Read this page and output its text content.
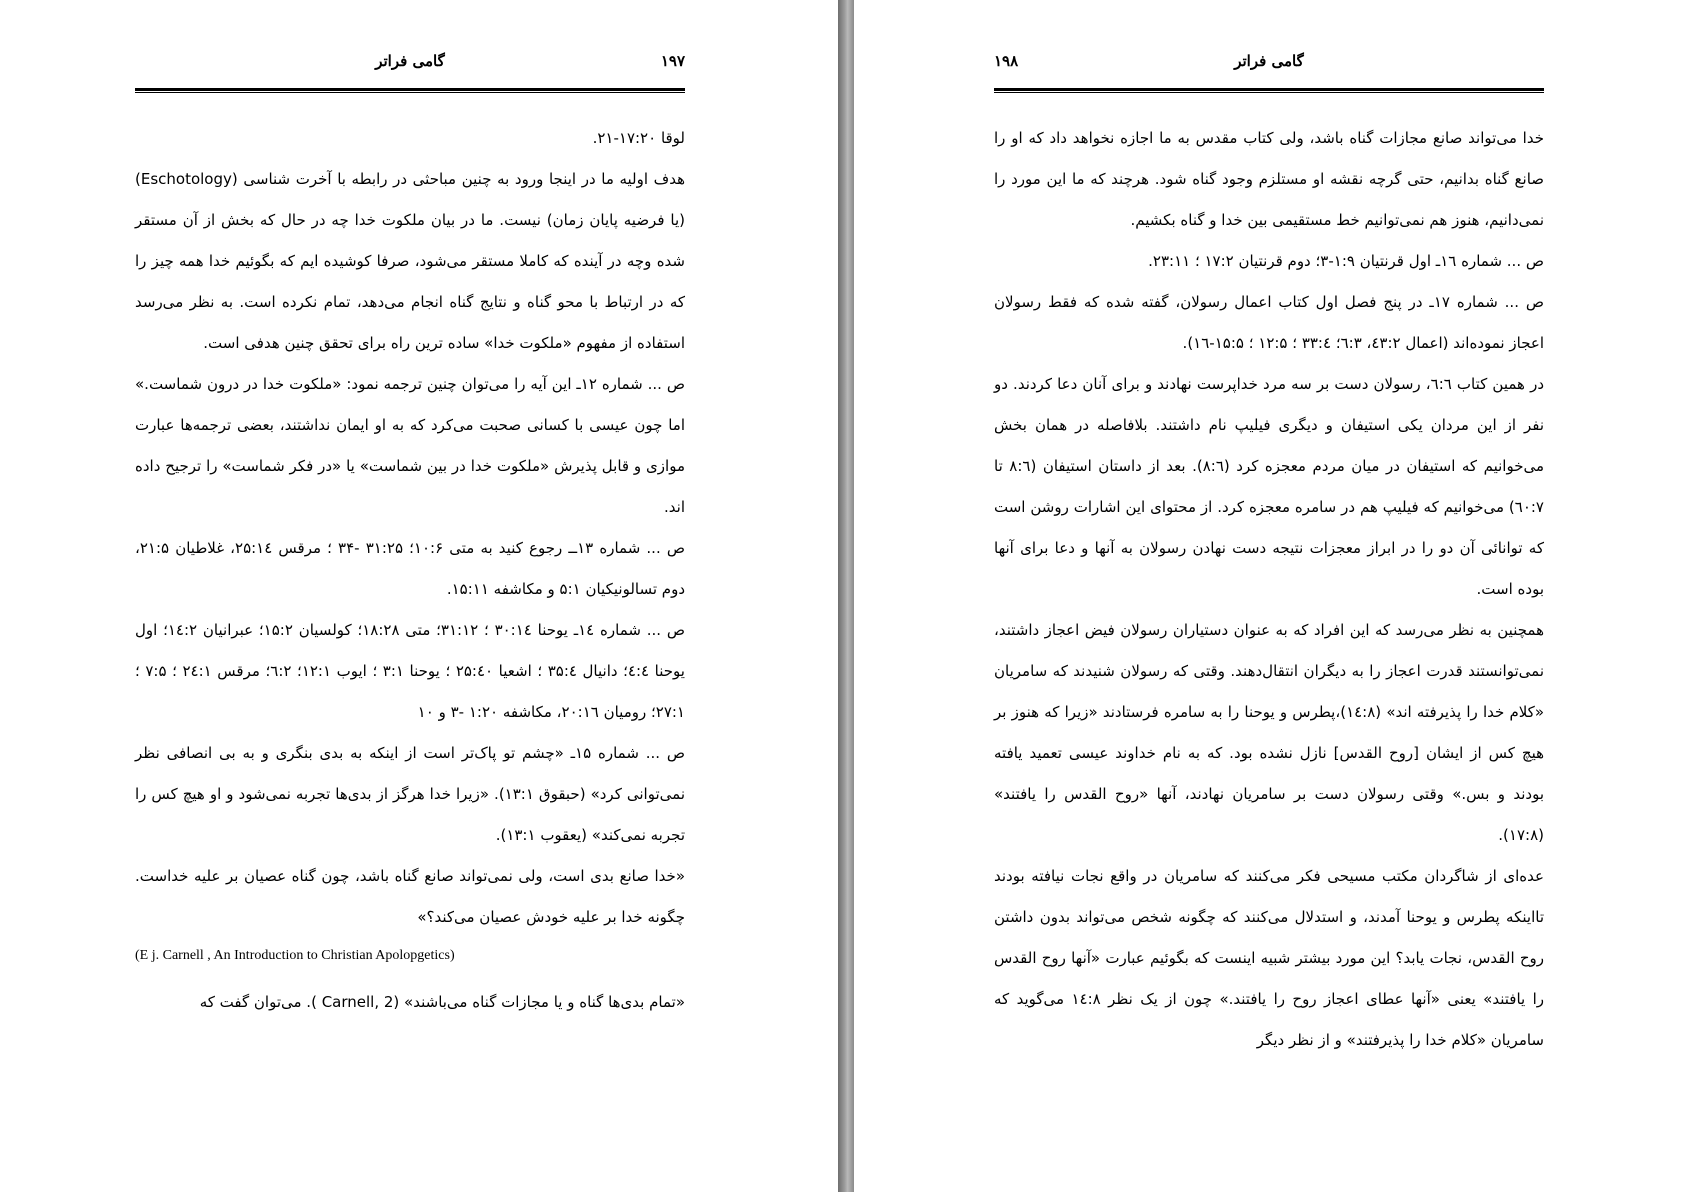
۱۹۷
گامی فراتر

لوقا ۱۷:۲۰-۲۱.

هدف اولیه ما در اینجا ورود به چنین مباحثی در رابطه با آخرت شناسی (Eschotology) (یا فرضیه پایان زمان) نیست. ما در بیان ملکوت خدا چه در حال که بخش از آن مستقر شده وچه در آینده که کاملا مستقر می‌شود، صرفا کوشیده ایم که بگوئیم خدا همه چیز را که در ارتباط با محو گناه و نتایج گناه انجام می‌دهد، تمام نکرده است. به نظر می‌رسد استفاده از مفهوم «ملکوت خدا» ساده ترین راه برای تحقق چنین هدفی است.

ص ... شماره ۱۲ـ این آیه را می‌توان چنین ترجمه نمود: «ملکوت خدا در درون شماست.» اما چون عیسی با کسانی صحبت می‌کرد که به او ایمان نداشتند، بعضی ترجمه‌ها عبارت موازی و قابل پذیرش «ملکوت خدا در بین شماست» یا «در فکر شماست» را ترجیح داده اند.

ص ... شماره ۱۳ــ رجوع کنید به متی ۱۰:۶؛ ۳۱:۲۵ -۳۴ ؛ مرقس ۲۵:۱٤، غلاطیان ۲۱:۵، دوم تسالونیکیان ۵:۱ و مکاشفه ۱۵:۱۱.

ص ... شماره ۱٤ـ یوحنا ۳۰:۱٤ ؛ ۳۱:۱۲؛ متی ۱۸:۲۸؛ کولسیان ۱۵:۲؛ عبرانیان ۱٤:۲؛ اول یوحنا ٤:٤؛ دانیال ۳۵:٤ ؛ اشعیا ۲۵:٤۰ ؛ یوحنا ۳:۱ ؛ ایوب ۱۲:۱؛ ٦:۲؛ مرقس ۲٤:۱ ؛ ۷:۵ ؛ ۲۷:۱؛ رومیان ۲۰:۱٦، مکاشفه ۱:۲۰ -۳ و ۱۰

ص ... شماره ۱۵ـ «چشم تو پاک‌تر است از اینکه به بدی بنگری و به بی انصافی نظر نمی‌توانی کرد» (حبقوق ۱۳:۱). «زیرا خدا هرگز از بدی‌ها تجربه نمی‌شود و او هیچ کس را تجربه نمی‌کند» (یعقوب ۱۳:۱).

«خدا صانع بدی است، ولی نمی‌تواند صانع گناه باشد، چون گناه عصیان بر علیه خداست. چگونه خدا بر علیه خودش عصیان می‌کند؟»

(E j. Carnell , An Introduction to Christian Apolopgetics)

«تمام بدی‌ها گناه و یا مجازات گناه می‌باشند» (Carnell, 2 ). می‌توان گفت که

۱۹۸	گامی فراتر

خدا می‌تواند صانع مجازات گناه باشد، ولی کتاب مقدس به ما اجازه نخواهد داد که او را صانع گناه بدانیم، حتی گرچه نقشه او مستلزم وجود گناه شود. هرچند که ما این مورد را نمی‌دانیم، هنوز هم نمی‌توانیم خط مستقیمی بین خدا و گناه بکشیم.

ص ... شماره ۱٦ـ اول قرنتیان ۱:۹-۳؛ دوم قرنتیان ۱۷:۲ ؛ ۲۳:۱۱.

ص ... شماره ۱۷ـ در پنج فصل اول کتاب اعمال رسولان، گفته شده که فقط رسولان اعجاز نموده‌اند (اعمال ٤۳:۲، ٦:۳؛ ۳۳:٤ ؛ ۱۲:۵ ؛ ۱۵:۵-۱٦).

در همین کتاب ٦:٦، رسولان دست بر سه مرد خداپرست نهادند و برای آنان دعا کردند. دو نفر از این مردان یکی استیفان و دیگری فیلیپ نام داشتند. بلافاصله در همان بخش می‌خوانیم که استیفان در میان مردم معجزه کرد (۸:٦). بعد از داستان استیفان (۸:٦ تا ٦۰:۷) می‌خوانیم که فیلیپ هم در سامره معجزه کرد. از محتوای این اشارات روشن است که توانائی آن دو را در ابراز معجزات نتیجه دست نهادن رسولان به آنها و دعا برای آنها بوده است.

همچنین به نظر می‌رسد که این افراد که به عنوان دستیاران رسولان فیض اعجاز داشتند، نمی‌توانستند قدرت اعجاز را به دیگران انتقال‌دهند. وقتی که رسولان شنیدند که سامریان «کلام خدا را پذیرفته اند» (۱٤:۸)،پطرس و یوحنا را به سامره فرستادند «زیرا که هنوز بر هیچ کس از ایشان [روح القدس] نازل نشده بود. که به نام خداوند عیسی تعمید یافته بودند و بس.» وقتی رسولان دست بر سامریان نهادند، آنها «روح القدس را یافتند» (۱۷:۸).

عده‌ای از شاگردان مکتب مسیحی فکر می‌کنند که سامریان در واقع نجات نیافته بودند تااینکه پطرس و یوحنا آمدند، و استدلال می‌کنند که چگونه شخص می‌تواند بدون داشتن روح القدس، نجات یابد؟ این مورد بیشتر شبیه اینست که بگوئیم عبارت «آنها روح القدس را یافتند» یعنی «آنها عطای اعجاز روح را یافتند.» چون از یک نظر ۱٤:۸ می‌گوید که سامریان «کلام خدا را پذیرفتند» و از نظر دیگر
